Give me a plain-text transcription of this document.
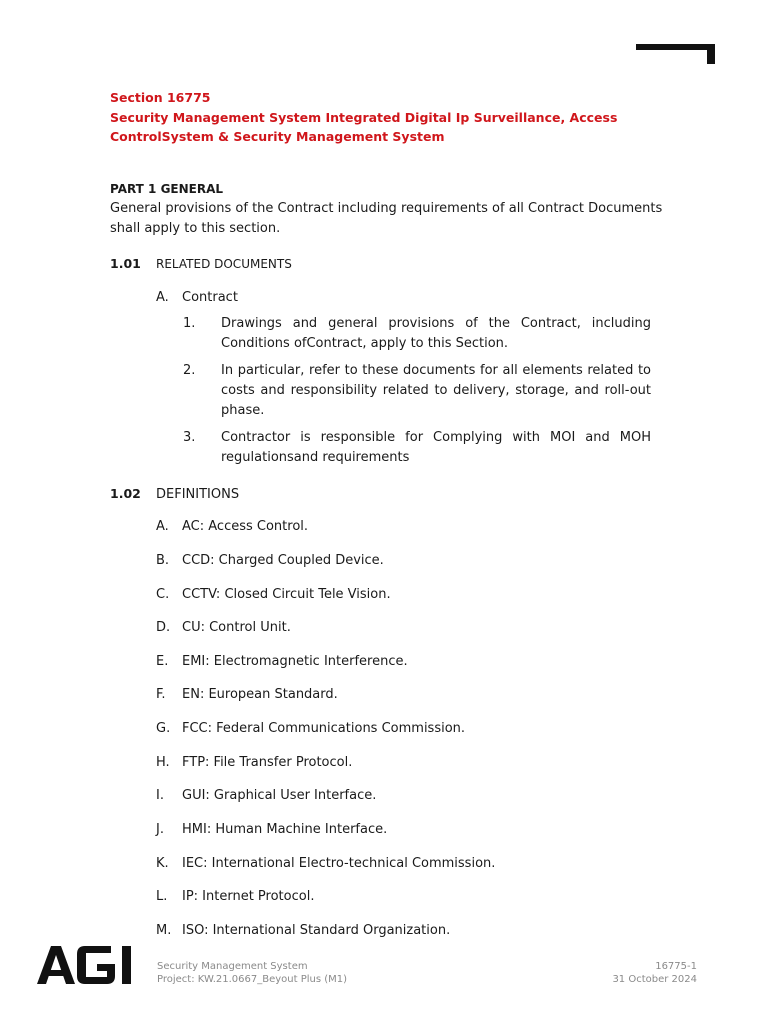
Section 16775
Security Management System Integrated Digital Ip Surveillance, Access ControlSystem & Security Management System
PART 1 GENERAL
General provisions of the Contract including requirements of all Contract Documents shall apply to this section.
1.01 RELATED DOCUMENTS
A. Contract
1. Drawings and general provisions of the Contract, including Conditions ofContract, apply to this Section.
2. In particular, refer to these documents for all elements related to costs and responsibility related to delivery, storage, and roll-out phase.
3. Contractor is responsible for Complying with MOI and MOH regulationsand requirements
1.02 DEFINITIONS
A. AC: Access Control.
B. CCD: Charged Coupled Device.
C. CCTV: Closed Circuit Tele Vision.
D. CU: Control Unit.
E. EMI: Electromagnetic Interference.
F. EN: European Standard.
G. FCC: Federal Communications Commission.
H. FTP: File Transfer Protocol.
I. GUI: Graphical User Interface.
J. HMI: Human Machine Interface.
K. IEC: International Electro-technical Commission.
L. IP: Internet Protocol.
M. ISO: International Standard Organization.
Security Management System
Project: KW.21.0667_Beyout Plus (M1)
16775-1
31 October 2024
